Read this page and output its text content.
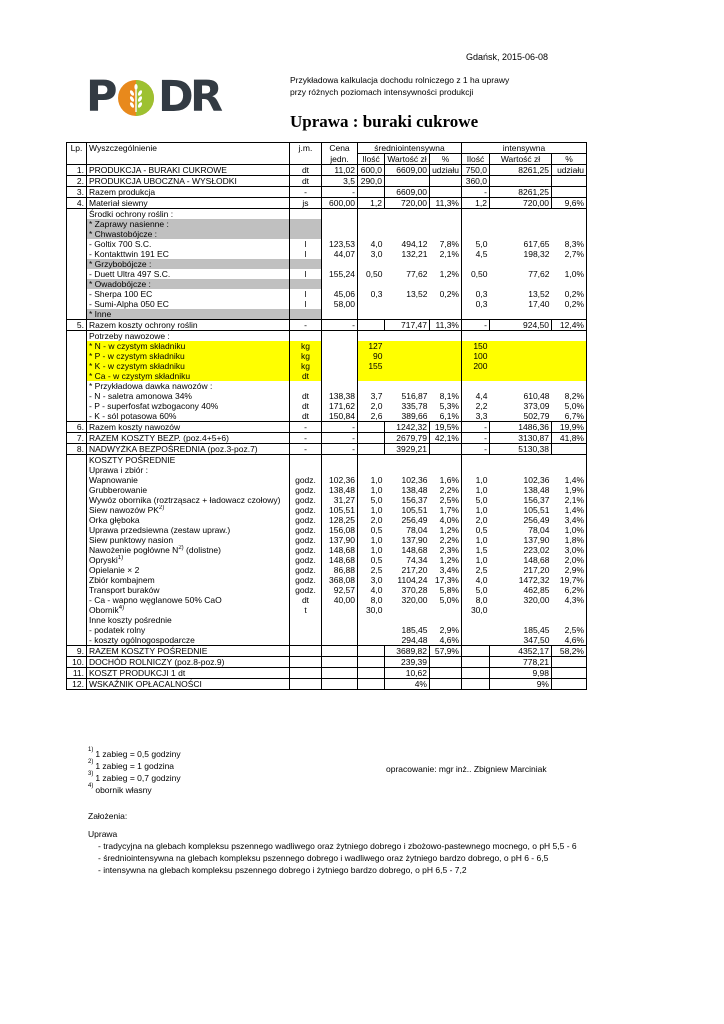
Gdańsk, 2015-06-08
P D
R	Przykładowa kalkulacja dochodu rolniczego z 1 ha uprawy
przy różnych poziomach intensywności produkcji
Uprawa : buraki cukrowe
Lp.	Wyszczególnienie	j.m.	Cena	średniointensywna			intensywna		
			jedn.	Ilość	Wartość zł	%	Ilość	Wartość zł	%
1.	PRODUKCJA - BURAKI CUKROWE	dt	11,02	600,0	6609,00	udziału	750,0	8261,25	udziału
2.	PRODUKCJA UBOCZNA - WYSŁODKI	dt	3,5	290,0			360,0		
3.	Razem produkcja	-	-		6609,00		-	8261,25	
4.	Materiał siewny	js	600,00	1,2	720,00	11,3%	1,2	720,00	9,6%
	Środki ochrony roślin :								
	* Zaprawy nasienne :								
	* Chwastobójcze :								
	- Goltix 700 S.C.	l	123,53	4,0	494,12	7,8%	5,0	617,65	8,3%
	- Kontakttwin 191 EC	l	44,07	3,0	132,21	2,1%	4,5	198,32	2,7%
	* Grzybobójcze :								
	- Duett Ultra 497 S.C.	l	155,24	0,50	77,62	1,2%	0,50	77,62	1,0%
	* Owadobójcze :								
	- Sherpa 100 EC	l	45,06	0,3	13,52	0,2%	0,3	13,52	0,2%
	- Sumi-Alpha 050 EC	l	58,00				0,3	17,40	0,2%
	* Inne								
5.	Razem koszty ochrony roślin	-	-		717,47	11,3%	-	924,50	12,4%
	Potrzeby nawozowe :								
	* N - w czystym składniku	kg		127			150		
	* P - w czystym składniku	kg		90			100		
	* K - w czystym składniku	kg		155			200		
	* Ca - w czystym składniku	dt							
	* Przykładowa dawka nawozów :								
	- N - saletra amonowa 34%	dt	138,38	3,7	516,87	8,1%	4,4	610,48	8,2%
	- P - superfosfat wzbogacony 40%	dt	171,62	2,0	335,78	5,3%	2,2	373,09	5,0%
	- K - sól potasowa 60%	dt	150,84	2,6	389,66	6,1%	3,3	502,79	6,7%
6.	Razem koszty nawozów	-	-		1242,32	19,5%	-	1486,36	19,9%
7.	RAZEM KOSZTY BEZP. (poz.4+5+6)	-	-		2679,79	42,1%	-	3130,87	41,8%
8.	NADWYŻKA BEZPOŚREDNIA (poz.3-poz.7)	-	-		3929,21		-	5130,38	
	KOSZTY POŚREDNIE								
	Uprawa i zbiór :								
	Wapnowanie	godz.	102,36	1,0	102,36	1,6%	1,0	102,36	1,4%
	Grubberowanie	godz.	138,48	1,0	138,48	2,2%	1,0	138,48	1,9%
	Wywóz obornika (roztrząsacz + ładowacz czołowy)	godz.	31,27	5,0	156,37	2,5%	5,0	156,37	2,1%
	Siew nawozów PK$^{2)}$	godz.	105,51	1,0	105,51	1,7%	1,0	105,51	1,4%
	Orka głęboka	godz.	128,25	2,0	256,49	4,0%	2,0	256,49	3,4%
	Uprawa przedsiewna (zestaw upraw.)	godz.	156,08	0,5	78,04	1,2%	0,5	78,04	1,0%
	Siew punktowy nasion	godz.	137,90	1,0	137,90	2,2%	1,0	137,90	1,8%
	Nawożenie pogłówne $N^{2)}$ (dolistne)	godz.	148,68	1,0	148,68	2,3%	1,5	223,02	3,0%
	Opryski$^{1)}$	godz.	148,68	0,5	74,34	1,2%	1,0	148,68	2,0%
	Opielanie × 2	godz.	86,88	2,5	217,20	3,4%	2,5	217,20	2,9%
	Zbiór kombajnem	godz.	368,08	3,0	1104,24	17,3%	4,0	1472,32	19,7%
	Transport buraków	godz.	92,57	4,0	370,28	5,8%	5,0	462,85	6,2%
	- Ca - wapno węglanowe 50% CaO	dt	40,00	8,0	320,00	5,0%	8,0	320,00	4,3%
	Obornik$^{4)}$	t		30,0			30,0		
	Inne koszty pośrednie								
	- podatek rolny				185,45	2,9%		185,45	2,5%
	- koszty ogólnogospodarcze				294,48	4,6%		347,50	4,6%
9.	RAZEM KOSZTY POŚREDNIE				3689,82	57,9%		4352,17	58,2%
10.	DOCHÓD ROLNICZY (poz.8-poz.9)				239,39			778,21	
11.	KOSZT PRODUKCJI 1 dt				10,62			9,98	
12.	WSKAŹNIK OPŁACALNOŚCI				4%			9%	
1) 1 zabieg = 0,5 godziny
2) 1 zabieg = 1 godzina
3) 1 zabieg = 0,7 godziny
4) obornik własny
opracowanie: mgr inż.. Zbigniew Marciniak
Założenia:
Uprawa
- tradycyjna na glebach kompleksu pszennego wadliwego oraz żytniego dobrego i zbożowo-pastewnego mocnego, o pH 5,5 - 6
- średniointensywna na glebach kompleksu pszennego dobrego i wadliwego oraz żytniego bardzo dobrego, o pH 6 - 6,5
- intensywna na glebach kompleksu pszennego dobrego i żytniego bardzo dobrego, o pH 6,5 - 7,2
